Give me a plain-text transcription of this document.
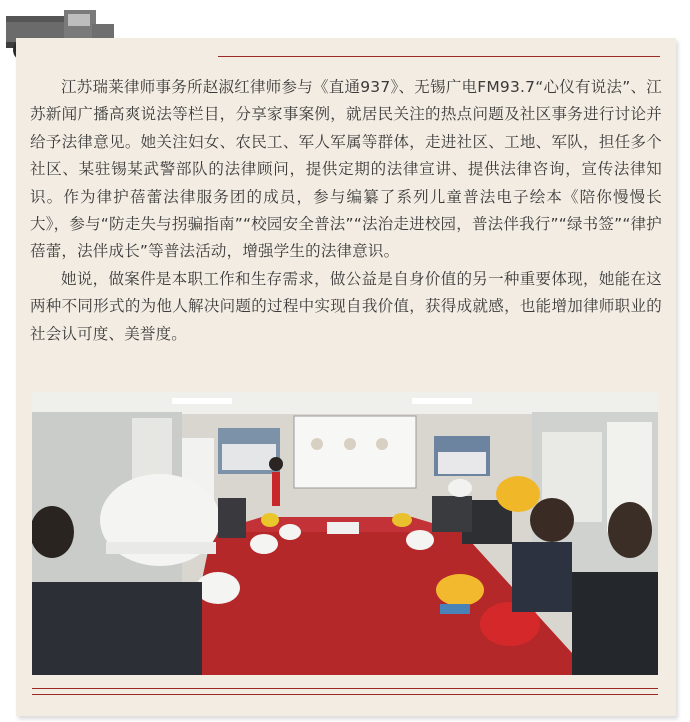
江苏瑞莱律师事务所赵淑红律师参与《直通937》、无锡广电FM93.7“心仪有说法”、江苏新闻广播高爽说法等栏目，分享家事案例，就居民关注的热点问题及社区事务进行讨论并给予法律意见。她关注妇女、农民工、军人军属等群体，走进社区、工地、军队，担任多个社区、某驻锡某武警部队的法律顾问，提供定期的法律宣讲、提供法律咨询，宣传法律知识。作为律护蓓蕾法律服务团的成员，参与编纂了系列儿童普法电子绘本《陪你慢慢长大》，参与“防走失与拐骗指南”“校园安全普法”“法治走进校园，普法伴我行”“绿书签”“律护蓓蕾，法伴成长”等普法活动，增强学生的法律意识。

她说，做案件是本职工作和生存需求，做公益是自身价值的另一种重要体现，她能在这两种不同形式的为他人解决问题的过程中实现自我价值，获得成就感，也能增加律师职业的社会认可度、美誉度。
